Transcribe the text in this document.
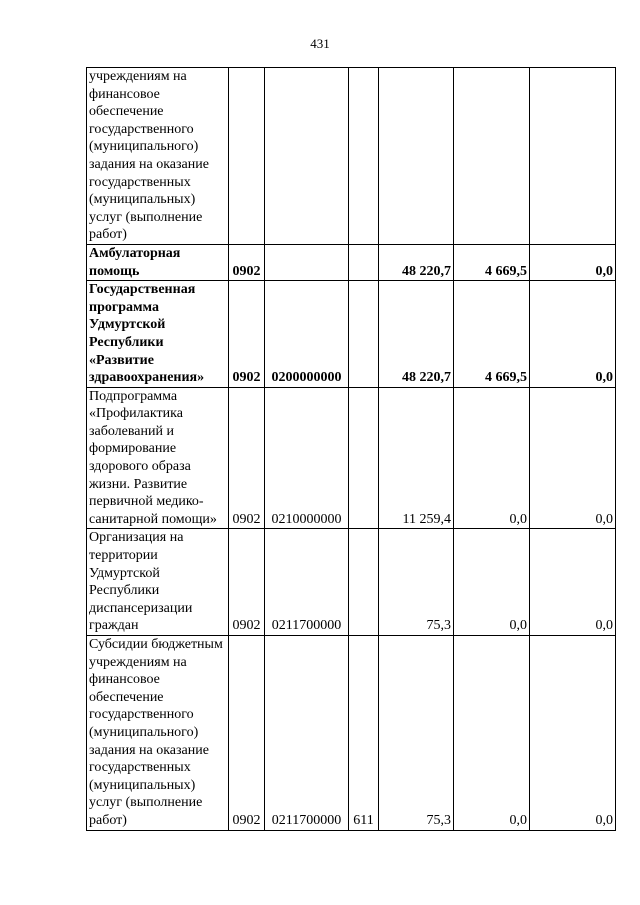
431
учреждениям на финансовое обеспечение государственного (муниципального) задания на оказание государственных (муниципальных) услуг (выполнение работ)						
Амбулаторная помощь	0902			48 220,7	4 669,5	0,0
Государственная программа Удмуртской Республики «Развитие здравоохранения»	0902	0200000000		48 220,7	4 669,5	0,0
Подпрограмма «Профилактика заболеваний и формирование здорового образа жизни. Развитие первичной медико-санитарной помощи»	0902	0210000000		11 259,4	0,0	0,0
Организация на территории Удмуртской Республики диспансеризации граждан	0902	0211700000		75,3	0,0	0,0
Субсидии бюджетным учреждениям на финансовое обеспечение государственного (муниципального) задания на оказание государственных (муниципальных) услуг (выполнение работ)	0902	0211700000	611	75,3	0,0	0,0
